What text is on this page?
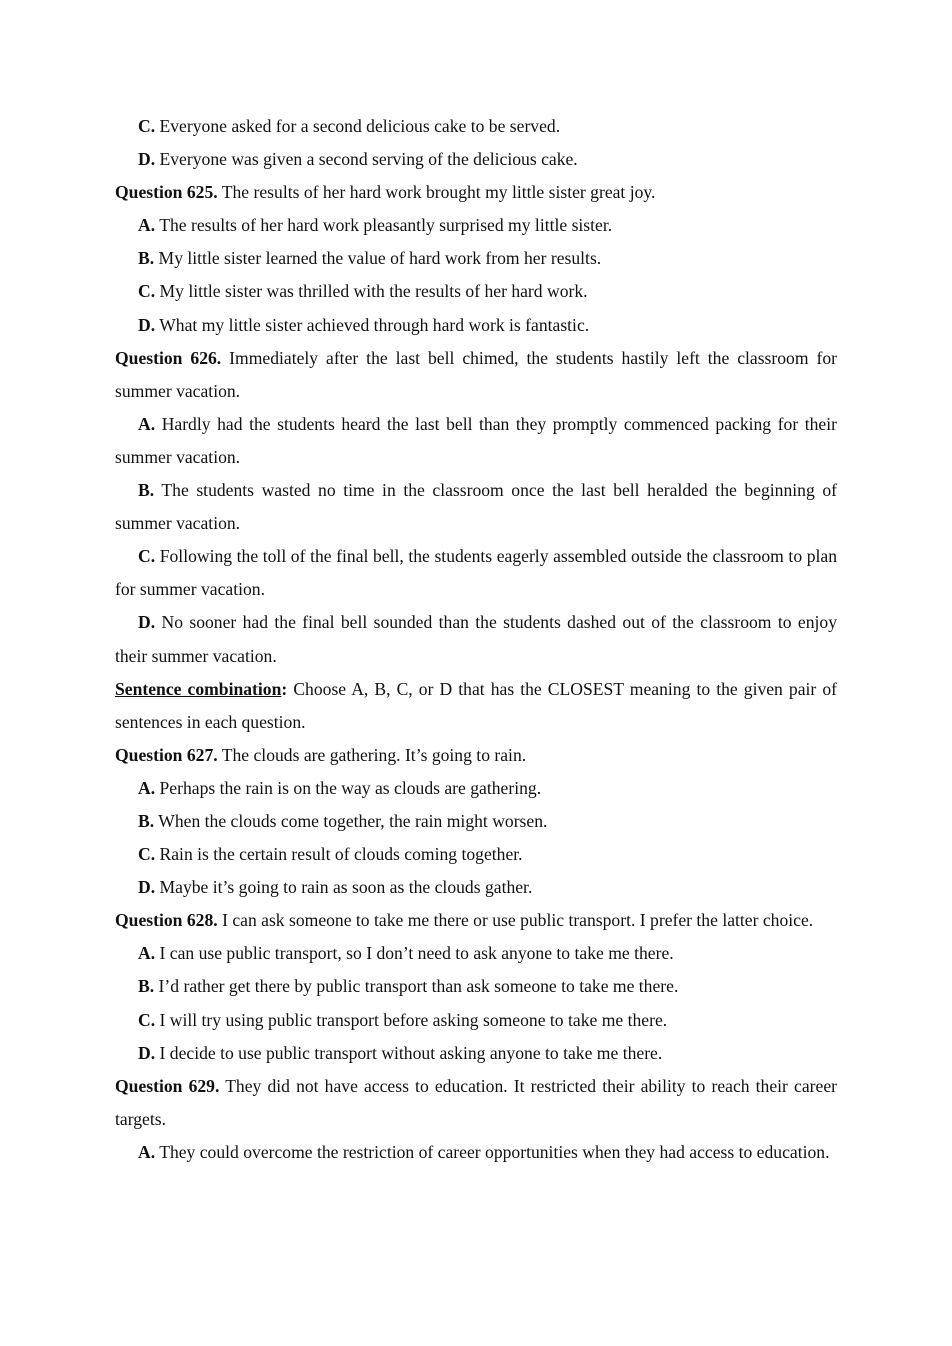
C. Everyone asked for a second delicious cake to be served.

D. Everyone was given a second serving of the delicious cake.

Question 625. The results of her hard work brought my little sister great joy.

A. The results of her hard work pleasantly surprised my little sister.

B. My little sister learned the value of hard work from her results.

C. My little sister was thrilled with the results of her hard work.

D. What my little sister achieved through hard work is fantastic.

Question 626. Immediately after the last bell chimed, the students hastily left the classroom for summer vacation.

A. Hardly had the students heard the last bell than they promptly commenced packing for their summer vacation.

B. The students wasted no time in the classroom once the last bell heralded the beginning of summer vacation.

C. Following the toll of the final bell, the students eagerly assembled outside the classroom to plan for summer vacation.

D. No sooner had the final bell sounded than the students dashed out of the classroom to enjoy their summer vacation.

Sentence combination: Choose A, B, C, or D that has the CLOSEST meaning to the given pair of sentences in each question.

Question 627. The clouds are gathering. It’s going to rain.

A. Perhaps the rain is on the way as clouds are gathering.

B. When the clouds come together, the rain might worsen.

C. Rain is the certain result of clouds coming together.

D. Maybe it’s going to rain as soon as the clouds gather.

Question 628. I can ask someone to take me there or use public transport. I prefer the latter choice.

A. I can use public transport, so I don’t need to ask anyone to take me there.

B. I’d rather get there by public transport than ask someone to take me there.

C. I will try using public transport before asking someone to take me there.

D. I decide to use public transport without asking anyone to take me there.

Question 629. They did not have access to education. It restricted their ability to reach their career targets.

A. They could overcome the restriction of career opportunities when they had access to education.
